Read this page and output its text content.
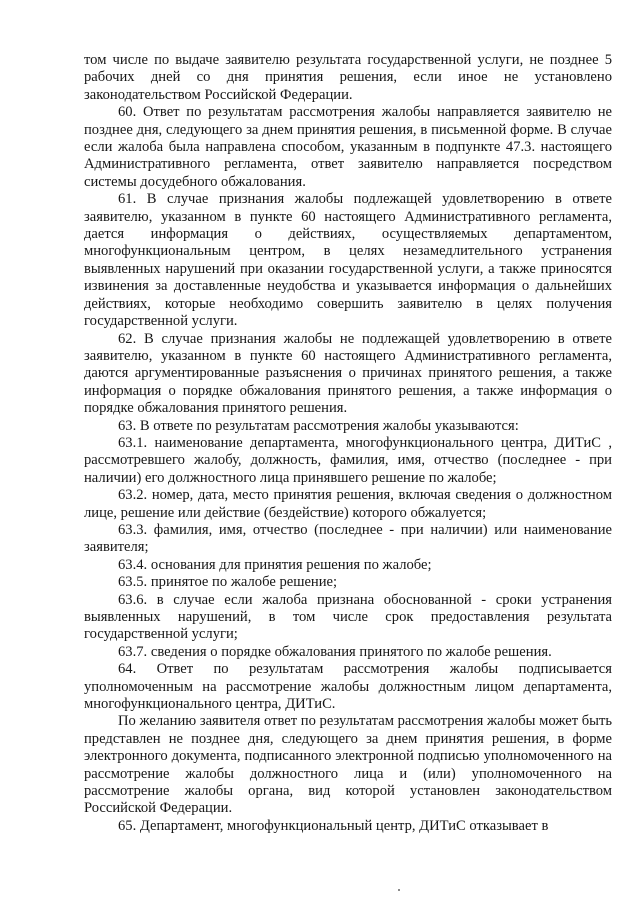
том числе по выдаче заявителю результата государственной услуги, не позднее 5 рабочих дней со дня принятия решения, если иное не установлено законодательством Российской Федерации.

60. Ответ по результатам рассмотрения жалобы направляется заявителю не позднее дня, следующего за днем принятия решения, в письменной форме. В случае если жалоба была направлена способом, указанным в подпункте 47.3. настоящего Административного регламента, ответ заявителю направляется посредством системы досудебного обжалования.

61. В случае признания жалобы подлежащей удовлетворению в ответе заявителю, указанном в пункте 60 настоящего Административного регламента, дается информация о действиях, осуществляемых департаментом, многофункциональным центром, в целях незамедлительного устранения выявленных нарушений при оказании государственной услуги, а также приносятся извинения за доставленные неудобства и указывается информация о дальнейших действиях, которые необходимо совершить заявителю в целях получения государственной услуги.

62. В случае признания жалобы не подлежащей удовлетворению в ответе заявителю, указанном в пункте 60 настоящего Административного регламента, даются аргументированные разъяснения о причинах принятого решения, а также информация о порядке обжалования принятого решения, а также информация о порядке обжалования принятого решения.

63. В ответе по результатам рассмотрения жалобы указываются:

63.1. наименование департамента, многофункционального центра, ДИТиС , рассмотревшего жалобу, должность, фамилия, имя, отчество (последнее - при наличии) его должностного лица принявшего решение по жалобе;

63.2. номер, дата, место принятия решения, включая сведения о должностном лице, решение или действие (бездействие) которого обжалуется;

63.3. фамилия, имя, отчество (последнее - при наличии) или наименование заявителя;

63.4. основания для принятия решения по жалобе;

63.5. принятое по жалобе решение;

63.6. в случае если жалоба признана обоснованной - сроки устранения выявленных нарушений, в том числе срок предоставления результата государственной услуги;

63.7. сведения о порядке обжалования принятого по жалобе решения.

64. Ответ по результатам рассмотрения жалобы подписывается уполномоченным на рассмотрение жалобы должностным лицом департамента, многофункционального центра, ДИТиС.

По желанию заявителя ответ по результатам рассмотрения жалобы может быть представлен не позднее дня, следующего за днем принятия решения, в форме электронного документа, подписанного электронной подписью уполномоченного на рассмотрение жалобы должностного лица и (или) уполномоченного на рассмотрение жалобы органа, вид которой установлен законодательством Российской Федерации.

65. Департамент, многофункциональный центр, ДИТиС отказывает в
